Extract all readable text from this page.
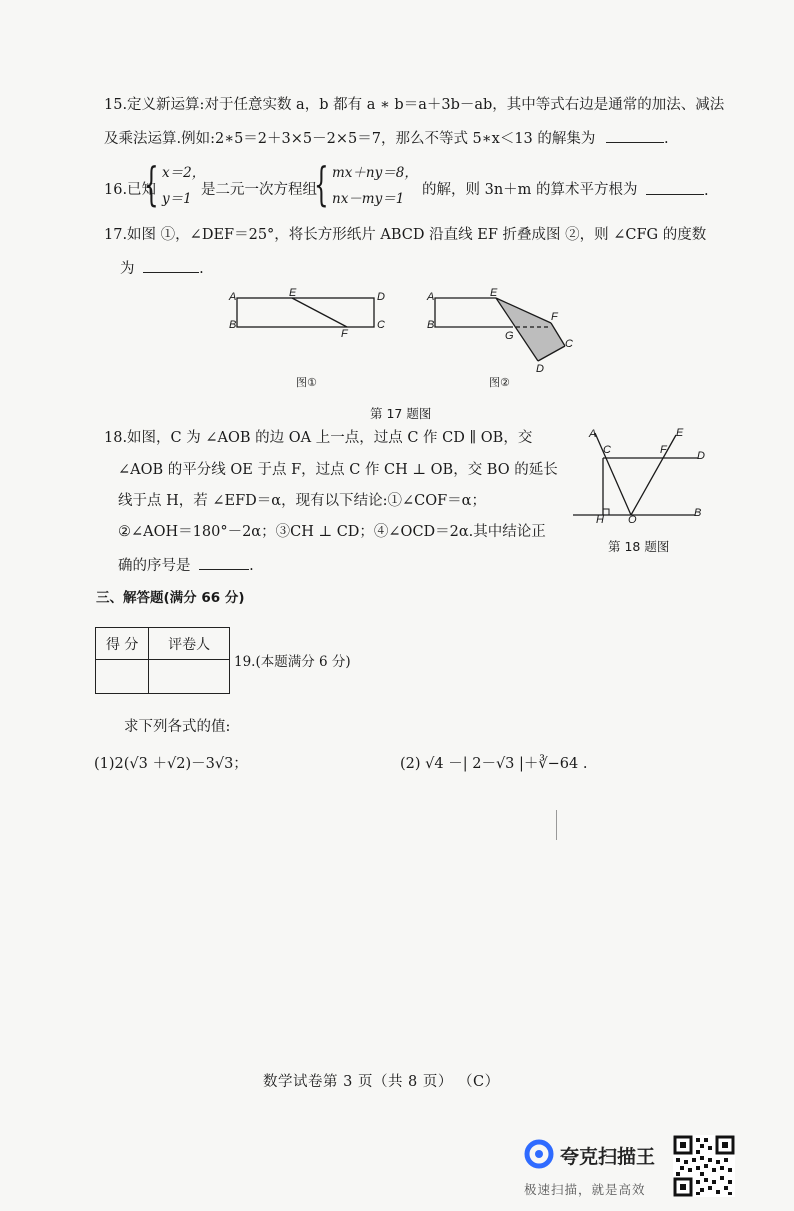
15.定义新运算:对于任意实数 a，b 都有 a ∗ b＝a＋3b－ab，其中等式右边是通常的加法、减法
及乘法运算.例如:2∗5＝2＋3×5－2×5＝7，那么不等式 5∗x＜13 的解集为	.
16.已知
{ x＝2，
y＝1
是二元一次方程组
{ mx＋ny＝8，
nx－my＝1
的解，则 3n＋m 的算术平方根为	.
17.如图 ①，∠DEF＝25°，将长方形纸片 ABCD 沿直线 EF 折叠成图 ②，则 ∠CFG 的度数
为	.
A	E	D
B
F
C
A	E
B
G
F
C
D
图①	图②
第 17 题图
18.如图，C 为 ∠AOB 的边 OA 上一点，过点 C 作 CD ∥ OB，交
∠AOB 的平分线 OE 于点 F，过点 C 作 CH ⊥ OB，交 BO 的延长
线于点 H，若 ∠EFD＝α，现有以下结论:①∠COF＝α；
②∠AOH＝180°－2α；③CH ⊥ CD；④∠OCD＝2α.其中结论正
确的序号是	.
A
C	F
E
D
H O
B
第 18 题图
三、解答题(满分 66 分)
得 分	评卷人

19.(本题满分 6 分)
求下列各式的值:
(1)2(√3 ＋√2)－3√3；	(2) √4 －| 2－√3 |＋∛−64 .
数学试卷第 3 页（共 8 页） （C）
夸克扫描王
极速扫描，就是高效
